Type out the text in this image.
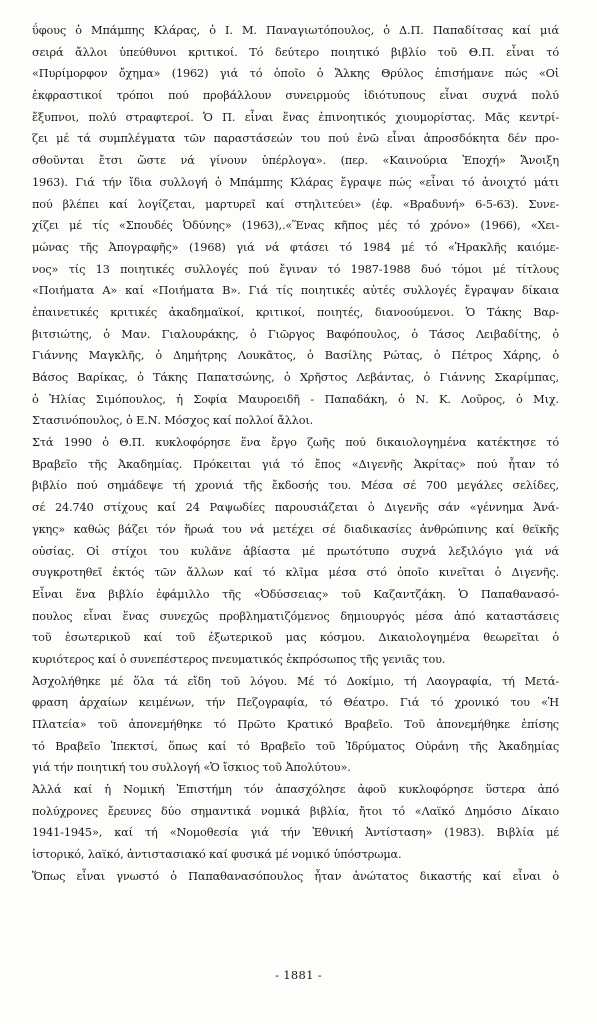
ΰφους ὁ Μπάμπης Κλάρας, ὁ Ι. Μ. Παναγιωτόπουλος, ὁ Δ.Π. Παπαδίτσας καί μιά
σειρά ἄλλοι ὑπεύθυνοι κριτικοί. Τό δεύτερο ποιητικό βιβλίο τοῦ Θ.Π. εἶναι τό
«Πυρίμορφον ὄχημα» (1962) γιά τό ὁποῖο ὁ Ἄλκης Θρύλος ἐπισήμανε πώς «Οἱ
ἐκφραστικοί τρόποι πού προβάλλουν συνειρμούς ἰδιότυπους εἶναι συχνά πολύ
ἔξυπνοι, πολύ στραφτεροί. Ὁ Π. εἶναι ἕνας ἐπινοητικός χιουμορίστας. Μᾶς κεντρί-
ζει μέ τά συμπλέγματα τῶν παραστάσεών του πού ἐνῶ εἶναι ἀπροσδόκητα δέν προ-
σθοῦνται ἔτσι ὥστε νά γίνουν ὑπέρλογα». (περ. «Καινούρια Ἐποχή» Ἄνοιξη
1963). Γιά τήν ἴδια συλλογή ὁ Μπάμπης Κλάρας ἔγραψε πώς «εἶναι τό ἀνοιχτό μάτι
πού βλέπει καί λογίζεται, μαρτυρεῖ καί στηλιτεύει» (ἐφ. «Βραδυνή» 6-5-63). Συνε-
χίζει μέ τίς «Σπουδές Ὀδύνης» (1963),.«Ἕνας κῆπος μές τό χρόνο» (1966), «Χει-
μώνας τῆς Ἀπογραφῆς» (1968) γιά νά φτάσει τό 1984 μέ τό «Ἡρακλῆς καιόμε-
νος» τίς 13 ποιητικές συλλογές πού ἔγιναν τό 1987-1988 δυό τόμοι μέ τίτλους
«Ποιήματα Α» καί «Ποιήματα Β». Γιά τίς ποιητικές αὐτές συλλογές ἔγραψαν δίκαια
ἐπαινετικές κριτικές ἀκαδημαϊκοί, κριτικοί, ποιητές, διανοούμενοι. Ὁ Τάκης Βαρ-
βιτσιώτης, ὁ Μαν. Γιαλουράκης, ὁ Γιῶργος Βαφόπουλος, ὁ Τάσος Λειβαδίτης, ὁ
Γιάννης Μαγκλῆς, ὁ Δημήτρης Λουκᾶτος, ὁ Βασίλης Ρώτας, ὁ Πέτρος Χάρης, ὁ
Βάσος Βαρίκας, ὁ Τάκης Παπατσώνης, ὁ Χρῆστος Λεβάντας, ὁ Γιάννης Σκαρίμπας,
ὁ Ἠλίας Σιμόπουλος, ἡ Σοφία Μαυροειδῆ - Παπαδάκη, ὁ Ν. Κ. Λοῦρος, ὁ Μιχ.
Στασινόπουλος, ὁ Ε.Ν. Μόσχος καί πολλοί ἄλλοι.
Στά 1990 ὁ Θ.Π. κυκλοφόρησε ἕνα ἔργο ζωῆς πού δικαιολογημένα κατέκτησε τό
Βραβεῖο τῆς Ἀκαδημίας. Πρόκειται γιά τό ἔπος «Διγενῆς Ἀκρίτας» πού ἦταν τό
βιβλίο πού σημάδεψε τή χρονιά τῆς ἔκδοσής του. Μέσα σέ 700 μεγάλες σελίδες,
σέ 24.740 στίχους καί 24 Ραψωδίες παρουσιάζεται ὁ Διγενῆς σάν «γέννημα Ἀνά-
γκης» καθώς βάζει τόν ἥρωά του νά μετέχει σέ διαδικασίες ἀνθρώπινης καί θεϊκῆς
οὐσίας. Οἱ στίχοι του κυλᾶνε ἀβίαστα μέ πρωτότυπο συχνά λεξιλόγιο γιά νά
συγκροτηθεῖ ἐκτός τῶν ἄλλων καί τό κλῖμα μέσα στό ὁποῖο κινεῖται ὁ Διγενῆς.
Εἶναι ἕνα βιβλίο ἐφάμιλλο τῆς «Ὀδύσσειας» τοῦ Καζαντζάκη. Ὁ Παπαθανασό-
πουλος εἶναι ἕνας συνεχῶς προβληματιζόμενος δημιουργός μέσα ἀπό καταστάσεις
τοῦ ἐσωτερικοῦ καί τοῦ ἐξωτερικοῦ μας κόσμου. Δικαιολογημένα θεωρεῖται ὁ
κυριότερος καί ὁ συνεπέστερος πνευματικός ἐκπρόσωπος τῆς γενιᾶς του.
Ἀσχολήθηκε μέ ὅλα τά εἴδη τοῦ λόγου. Μέ τό Δοκίμιο, τή Λαογραφία, τή Μετά-
φραση ἀρχαίων κειμένων, τήν Πεζογραφία, τό Θέατρο. Γιά τό χρονικό του «Ἡ
Πλατεία» τοῦ ἀπονεμήθηκε τό Πρῶτο Κρατικό Βραβεῖο. Τοῦ ἀπονεμήθηκε ἐπίσης
τό Βραβεῖο Ἰπεκτσί, ὅπως καί τό Βραβεῖο τοῦ Ἱδρύματος Οὐράνη τῆς Ἀκαδημίας
γιά τήν ποιητική του συλλογή «Ὁ ἴσκιος τοῦ Ἀπολύτου».
Ἀλλά καί ἡ Νομική Ἐπιστήμη τόν ἀπασχόλησε ἀφοῦ κυκλοφόρησε ὕστερα ἀπό
πολύχρονες ἔρευνες δύο σημαντικά νομικά βιβλία, ἤτοι τό «Λαϊκό Δημόσιο Δίκαιο
1941-1945», καί τή «Νομοθεσία γιά τήν Ἐθνική Ἀντίσταση» (1983). Βιβλία μέ
ἱστορικό, λαϊκό, ἀντιστασιακό καί φυσικά μέ νομικό ὑπόστρωμα.
Ὅπως εἶναι γνωστό ὁ Παπαθανασόπουλος ἦταν ἀνώτατος δικαστής καί εἶναι ὁ
- 1881 -
